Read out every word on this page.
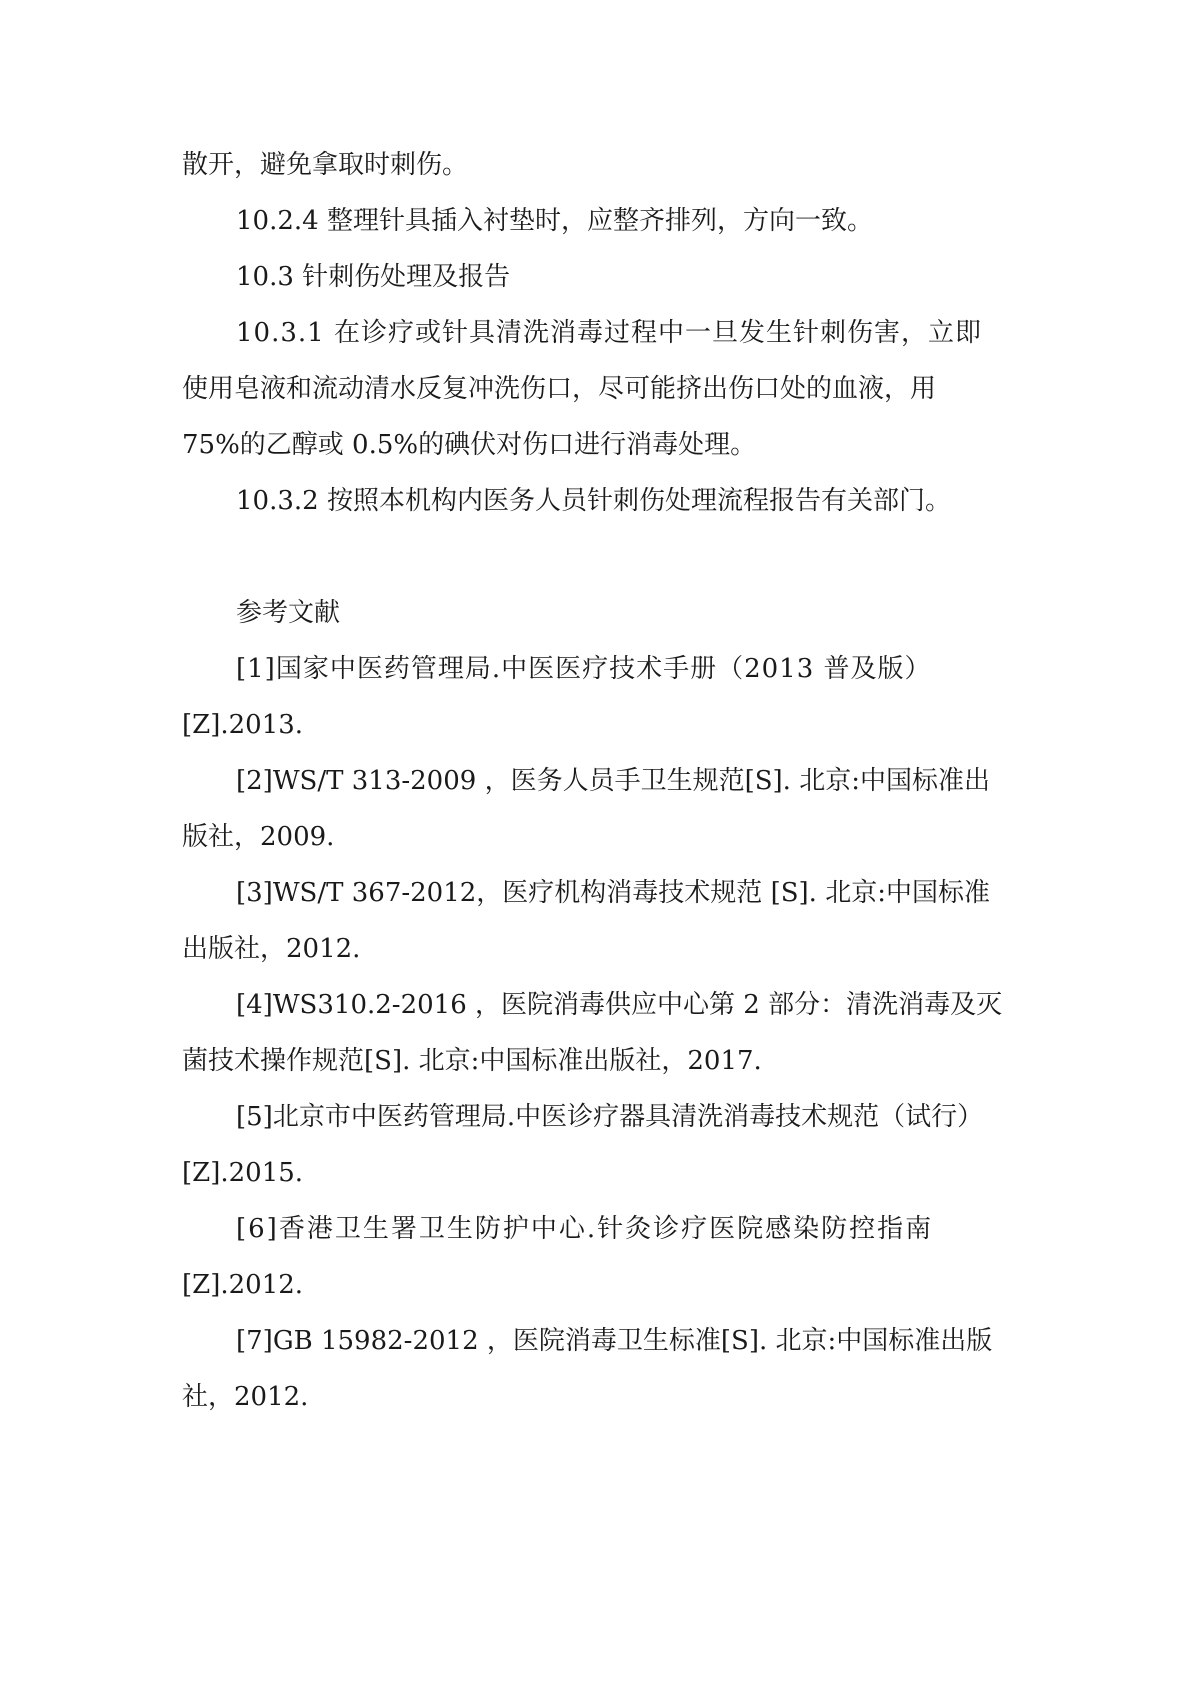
散开，避免拿取时刺伤。
10.2.4 整理针具插入衬垫时，应整齐排列，方向一致。
10.3 针刺伤处理及报告
10.3.1 在诊疗或针具清洗消毒过程中一旦发生针刺伤害，立即
使用皂液和流动清水反复冲洗伤口，尽可能挤出伤口处的血液，用
75%的乙醇或 0.5%的碘伏对伤口进行消毒处理。
10.3.2 按照本机构内医务人员针刺伤处理流程报告有关部门。
参考文献
[1]国家中医药管理局.中医医疗技术手册（2013 普及版）
[Z].2013.
[2]WS/T 313-2009 ，医务人员手卫生规范[S]. 北京:中国标准出
版社，2009.
[3]WS/T 367-2012，医疗机构消毒技术规范 [S]. 北京:中国标准
出版社，2012.
[4]WS310.2-2016 ，医院消毒供应中心第 2 部分：清洗消毒及灭
菌技术操作规范[S]. 北京:中国标准出版社，2017.
[5]北京市中医药管理局.中医诊疗器具清洗消毒技术规范（试行）
[Z].2015.
[6]香港卫生署卫生防护中心.针灸诊疗医院感染防控指南
[Z].2012.
[7]GB 15982-2012 ，医院消毒卫生标准[S]. 北京:中国标准出版
社，2012.
